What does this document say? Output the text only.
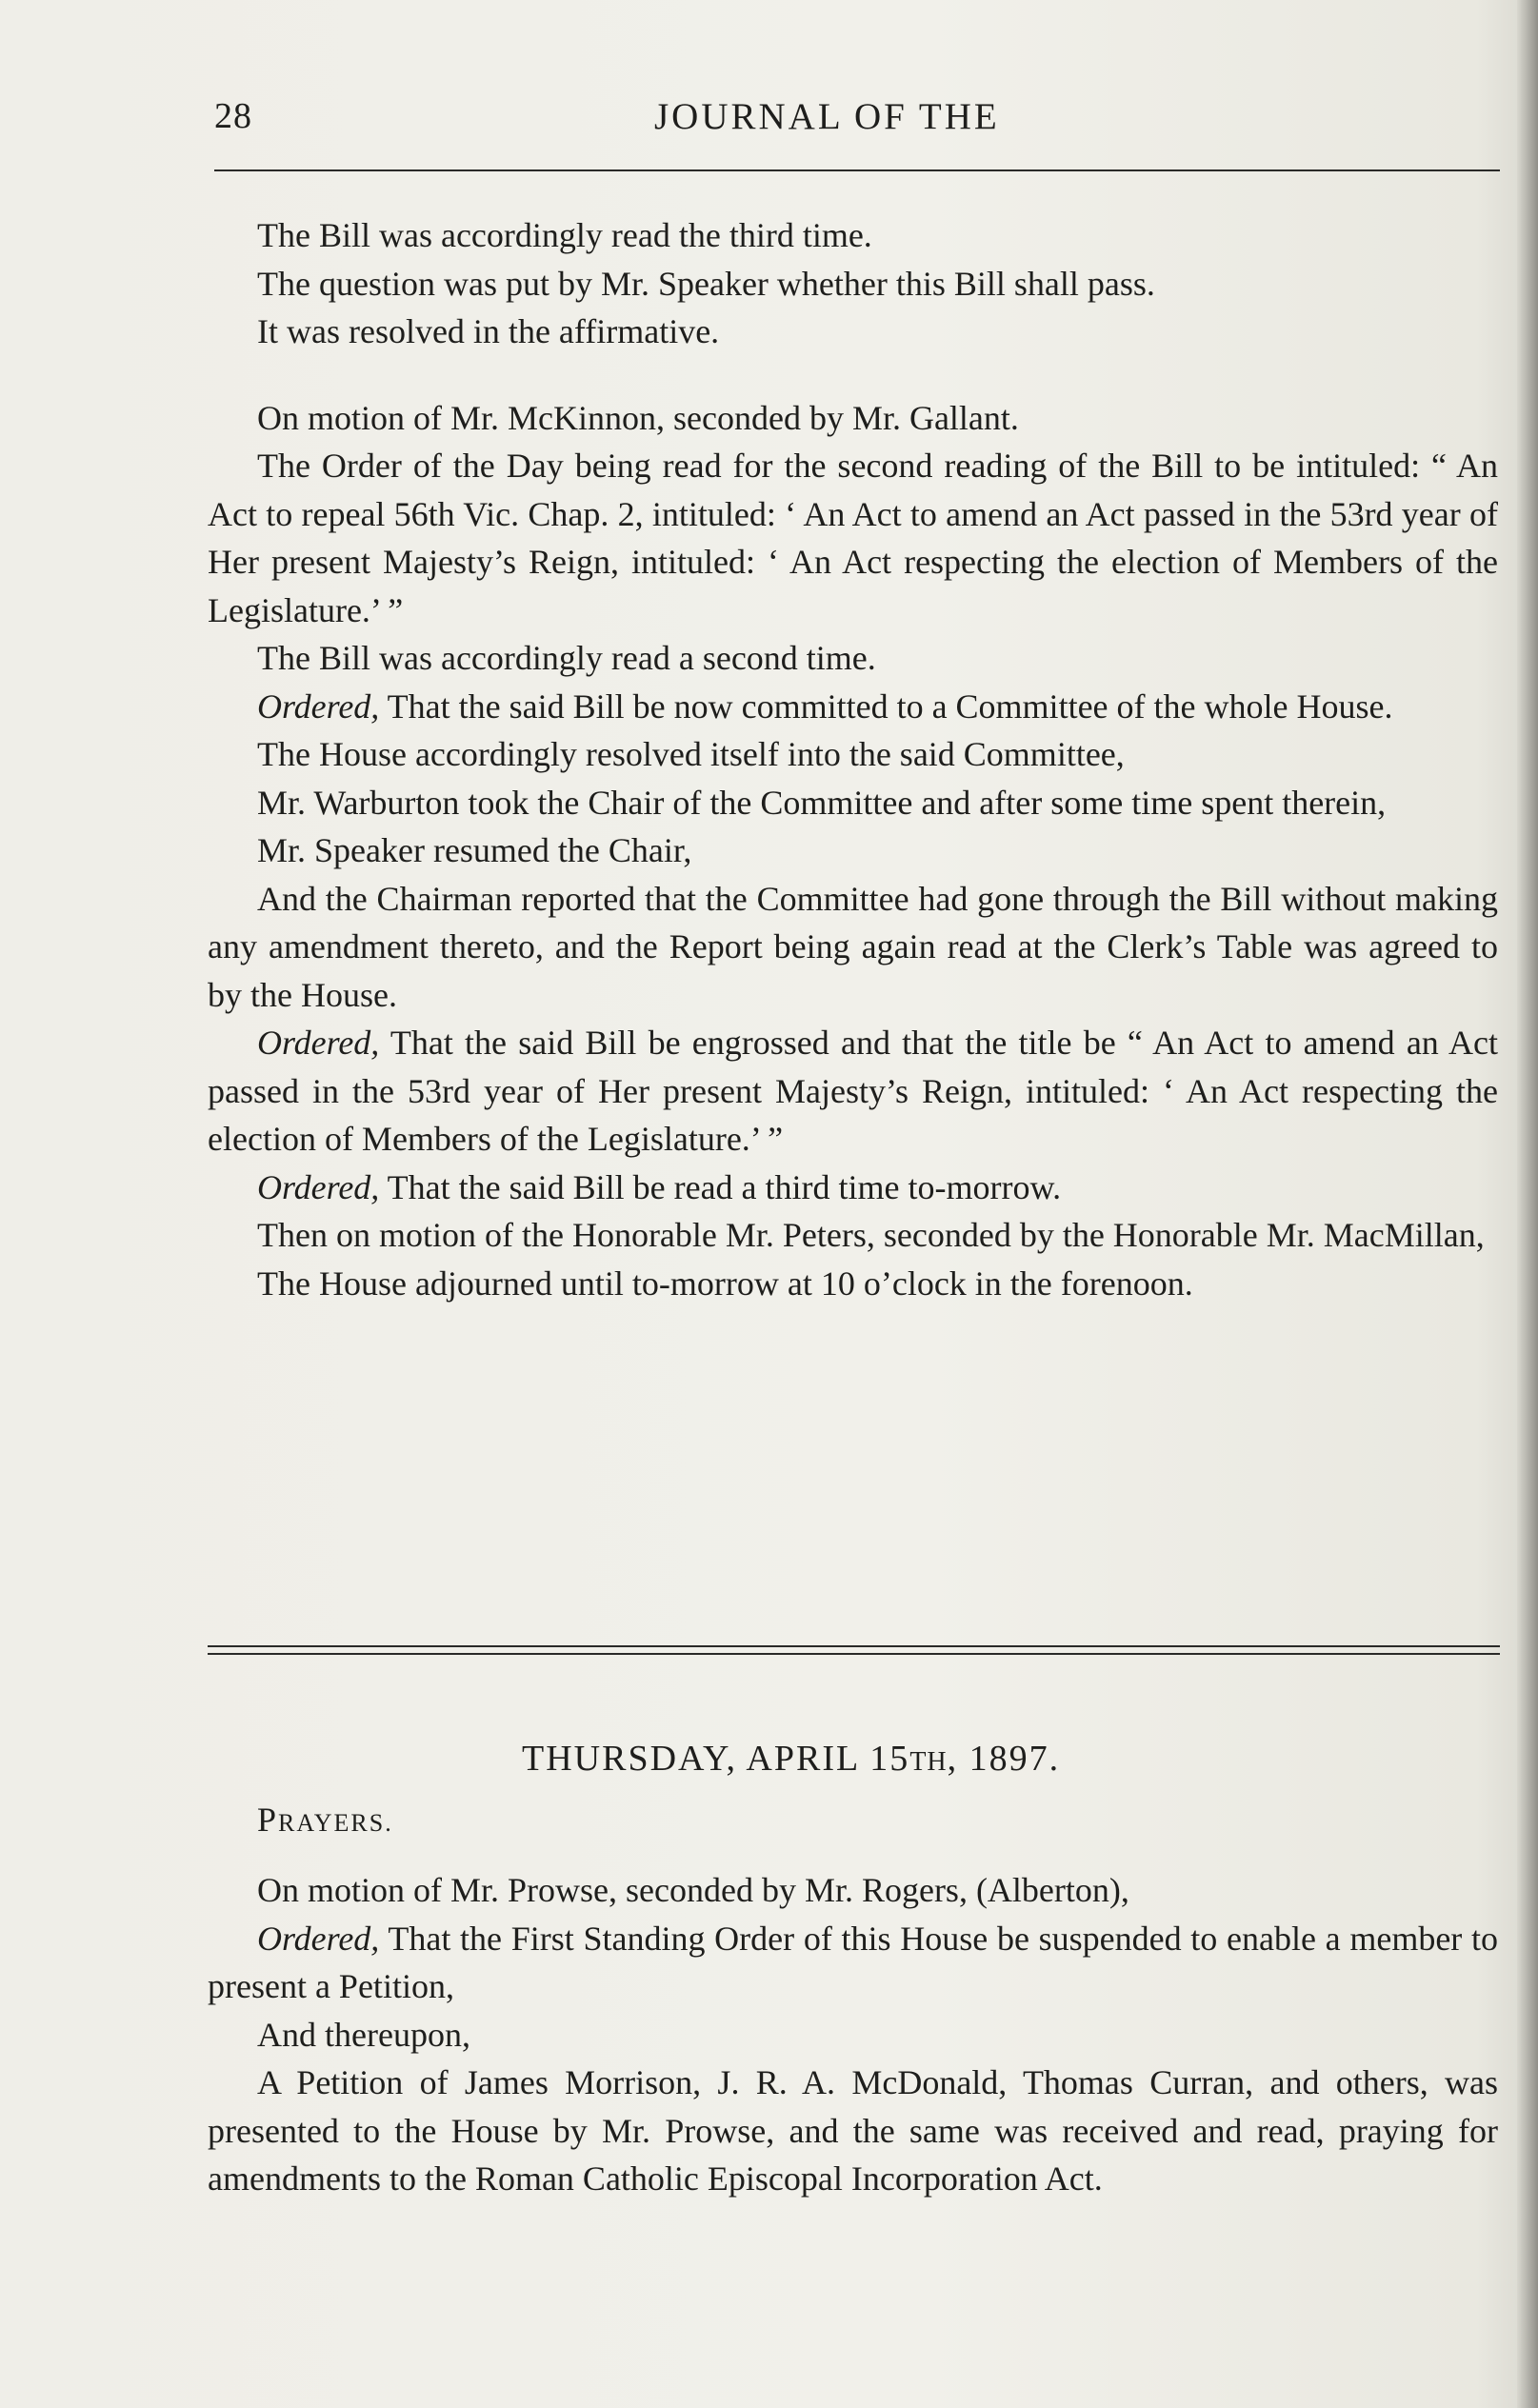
28	JOURNAL OF THE

The Bill was accordingly read the third time.

The question was put by Mr. Speaker whether this Bill shall pass.

It was resolved in the affirmative.

On motion of Mr. McKinnon, seconded by Mr. Gallant.

The Order of the Day being read for the second reading of the Bill to be intituled: “ An Act to repeal 56th Vic. Chap. 2, intituled: ‘ An Act to amend an Act passed in the 53rd year of Her present Majesty’s Reign, intituled: ‘ An Act respecting the election of Members of the Legislature.’ ”

The Bill was accordingly read a second time.

Ordered, That the said Bill be now committed to a Committee of the whole House.

The House accordingly resolved itself into the said Committee,

Mr. Warburton took the Chair of the Committee and after some time spent therein,

Mr. Speaker resumed the Chair,

And the Chairman reported that the Committee had gone through the Bill without making any amendment thereto, and the Report being again read at the Clerk’s Table was agreed to by the House.

Ordered, That the said Bill be engrossed and that the title be “ An Act to amend an Act passed in the 53rd year of Her present Majesty’s Reign, intituled: ‘ An Act respecting the election of Members of the Legislature.’ ”

Ordered, That the said Bill be read a third time to-morrow.

Then on motion of the Honorable Mr. Peters, seconded by the Honorable Mr. MacMillan,

The House adjourned until to-morrow at 10 o’clock in the forenoon.

THURSDAY, APRIL 15TH, 1897.
PRAYERS.

On motion of Mr. Prowse, seconded by Mr. Rogers, (Alberton),

Ordered, That the First Standing Order of this House be suspended to enable a member to present a Petition,

And thereupon,

A Petition of James Morrison, J. R. A. McDonald, Thomas Curran, and others, was presented to the House by Mr. Prowse, and the same was received and read, praying for amendments to the Roman Catholic Episcopal Incorporation Act.
